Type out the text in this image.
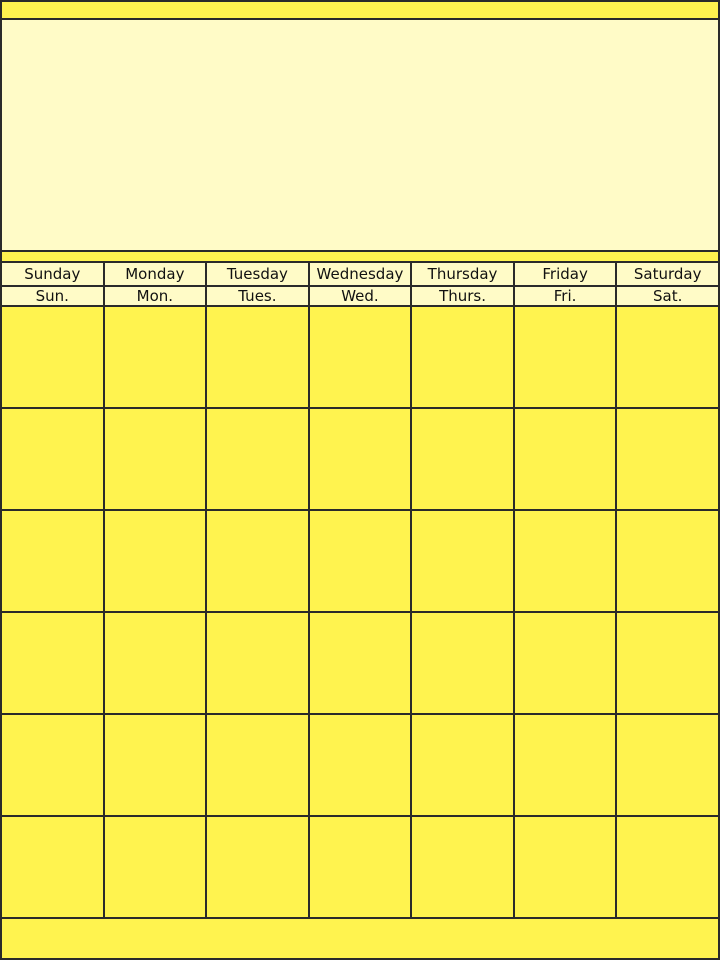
Sunday	Monday	Tuesday	Wednesday	Thursday	Friday	Saturday
Sun.	Mon.	Tues.	Wed.	Thurs.	Fri.	Sat.
